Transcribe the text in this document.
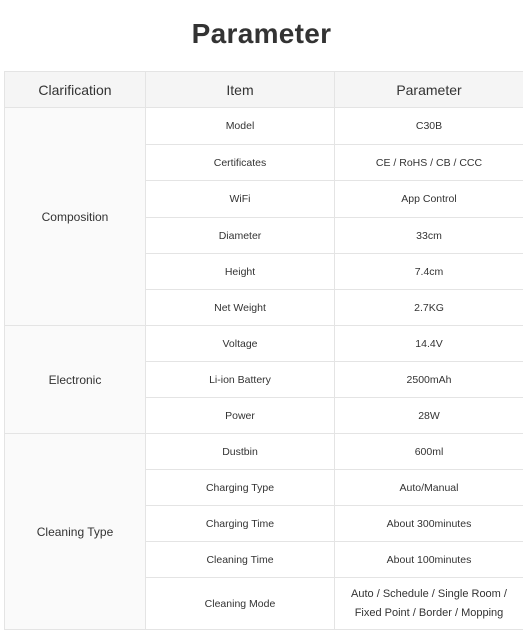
Parameter
Clarification	Item	Parameter
Composition	Model	C30B
	Certificates	CE / RoHS / CB / CCC
	WiFi	App Control
	Diameter	33cm
	Height	7.4cm
	Net Weight	2.7KG
Electronic	Voltage	14.4V
	Li-ion Battery	2500mAh
	Power	28W
Cleaning Type	Dustbin	600ml
	Charging Type	Auto/Manual
	Charging Time	About 300minutes
	Cleaning Time	About 100minutes
	Cleaning Mode	Auto / Schedule / Single Room /
Fixed Point / Border / Mopping
